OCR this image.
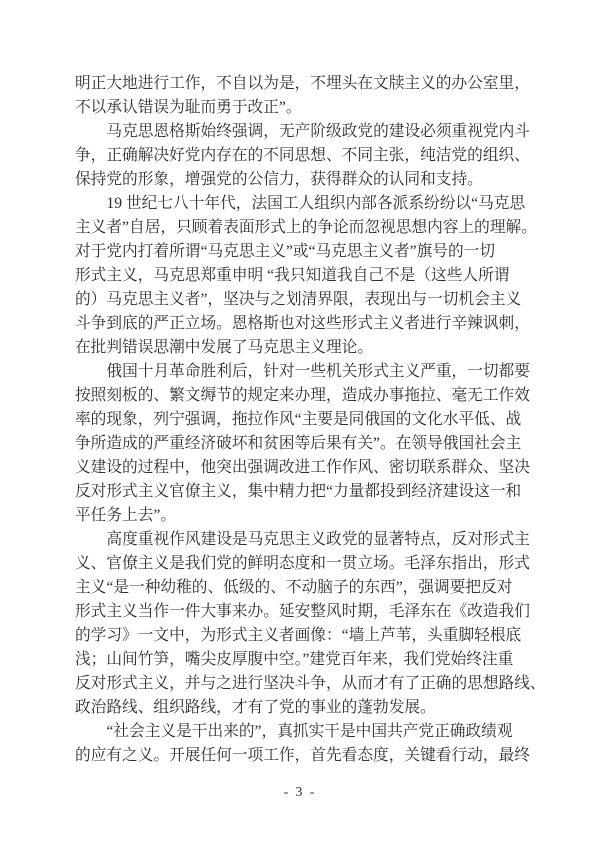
明正大地进行工作，不自以为是，不埋头在文牍主义的办公室里，
不以承认错误为耻而勇于改正”。
马克思恩格斯始终强调，无产阶级政党的建设必须重视党内斗
争，正确解决好党内存在的不同思想、不同主张，纯洁党的组织、
保持党的形象，增强党的公信力，获得群众的认同和支持。
19 世纪七八十年代，法国工人组织内部各派系纷纷以“马克思
主义者”自居，只顾着表面形式上的争论而忽视思想内容上的理解。
对于党内打着所谓“马克思主义”或“马克思主义者”旗号的一切
形式主义，马克思郑重申明 “我只知道我自己不是（这些人所谓
的）马克思主义者”，坚决与之划清界限，表现出与一切机会主义
斗争到底的严正立场。恩格斯也对这些形式主义者进行辛辣讽刺，
在批判错误思潮中发展了马克思主义理论。
俄国十月革命胜利后，针对一些机关形式主义严重，一切都要
按照刻板的、繁文缛节的规定来办理，造成办事拖拉、毫无工作效
率的现象，列宁强调，拖拉作风“主要是同俄国的文化水平低、战
争所造成的严重经济破坏和贫困等后果有关”。在领导俄国社会主
义建设的过程中，他突出强调改进工作作风、密切联系群众、坚决
反对形式主义官僚主义，集中精力把“力量都投到经济建设这一和
平任务上去”。
高度重视作风建设是马克思主义政党的显著特点，反对形式主
义、官僚主义是我们党的鲜明态度和一贯立场。毛泽东指出，形式
主义“是一种幼稚的、低级的、不动脑子的东西”，强调要把反对
形式主义当作一件大事来办。延安整风时期，毛泽东在《改造我们
的学习》一文中，为形式主义者画像：“墙上芦苇，头重脚轻根底
浅；山间竹笋，嘴尖皮厚腹中空。”建党百年来，我们党始终注重
反对形式主义，并与之进行坚决斗争，从而才有了正确的思想路线、
政治路线、组织路线，才有了党的事业的蓬勃发展。
“社会主义是干出来的”，真抓实干是中国共产党正确政绩观
的应有之义。开展任何一项工作，首先看态度，关键看行动，最终
- 3 -
